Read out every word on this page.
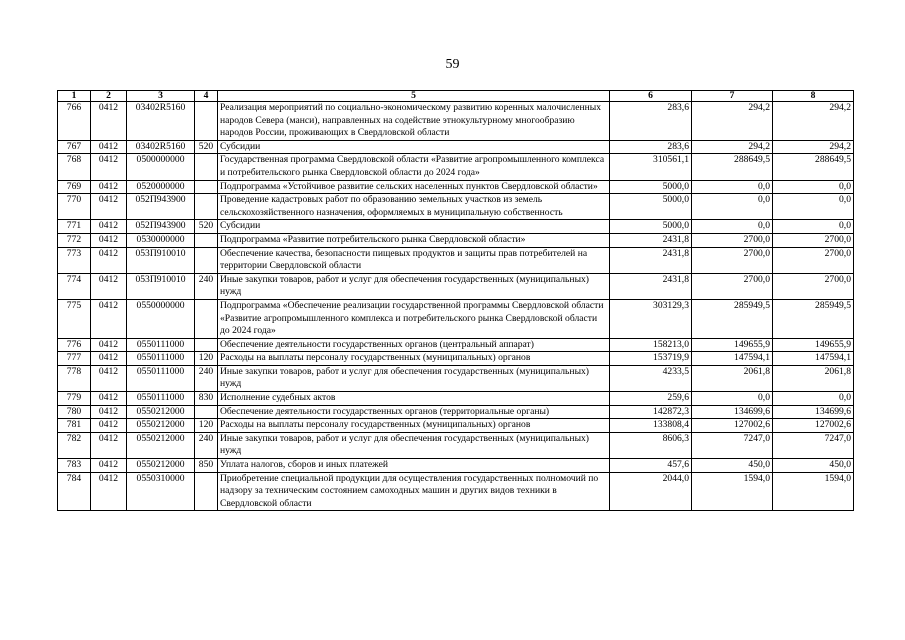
59
1	2	3	4	5	6	7	8
766	0412	03402R5160		Реализация мероприятий по социально-экономическому развитию коренных малочисленных народов Севера (манси), направленных на содействие этнокультурному многообразию народов России, проживающих в Свердловской области	283,6	294,2	294,2
767	0412	03402R5160	520	Субсидии	283,6	294,2	294,2
768	0412	0500000000		Государственная программа Свердловской области «Развитие агропромышленного комплекса и потребительского рынка Свердловской области до 2024 года»	310561,1	288649,5	288649,5
769	0412	0520000000		Подпрограмма «Устойчивое развитие сельских населенных пунктов Свердловской области»	5000,0	0,0	0,0
770	0412	052П943900		Проведение кадастровых работ по образованию земельных участков из земель сельскохозяйственного назначения, оформляемых в муниципальную собственность	5000,0	0,0	0,0
771	0412	052П943900	520	Субсидии	5000,0	0,0	0,0
772	0412	0530000000		Подпрограмма «Развитие потребительского рынка Свердловской области»	2431,8	2700,0	2700,0
773	0412	053П910010		Обеспечение качества, безопасности пищевых продуктов и защиты прав потребителей на территории Свердловской области	2431,8	2700,0	2700,0
774	0412	053П910010	240	Иные закупки товаров, работ и услуг для обеспечения государственных (муниципальных) нужд	2431,8	2700,0	2700,0
775	0412	0550000000		Подпрограмма «Обеспечение реализации государственной программы Свердловской области «Развитие агропромышленного комплекса и потребительского рынка Свердловской области до 2024 года»	303129,3	285949,5	285949,5
776	0412	0550111000		Обеспечение деятельности государственных органов (центральный аппарат)	158213,0	149655,9	149655,9
777	0412	0550111000	120	Расходы на выплаты персоналу государственных (муниципальных) органов	153719,9	147594,1	147594,1
778	0412	0550111000	240	Иные закупки товаров, работ и услуг для обеспечения государственных (муниципальных) нужд	4233,5	2061,8	2061,8
779	0412	0550111000	830	Исполнение судебных актов	259,6	0,0	0,0
780	0412	0550212000		Обеспечение деятельности государственных органов (территориальные органы)	142872,3	134699,6	134699,6
781	0412	0550212000	120	Расходы на выплаты персоналу государственных (муниципальных) органов	133808,4	127002,6	127002,6
782	0412	0550212000	240	Иные закупки товаров, работ и услуг для обеспечения государственных (муниципальных) нужд	8606,3	7247,0	7247,0
783	0412	0550212000	850	Уплата налогов, сборов и иных платежей	457,6	450,0	450,0
784	0412	0550310000		Приобретение специальной продукции для осуществления государственных полномочий по надзору за техническим состоянием самоходных машин и других видов техники в Свердловской области	2044,0	1594,0	1594,0
